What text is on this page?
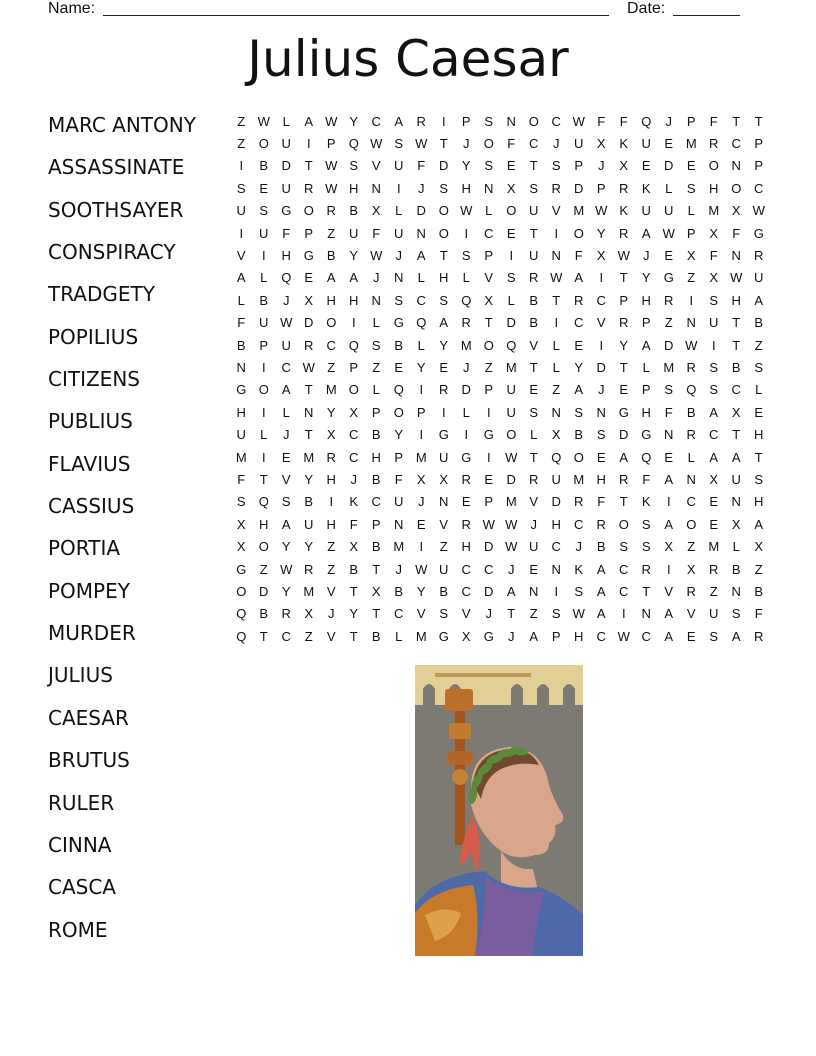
Name:	Date:
Julius Caesar
MARC ANTONY
ASSASSINATE
SOOTHSAYER
CONSPIRACY
TRADGETY
POPILIUS
CITIZENS
PUBLIUS
FLAVIUS
CASSIUS
PORTIA
POMPEY
MURDER
JULIUS
CAESAR
BRUTUS
RULER
CINNA
CASCA
ROME
Z W L	A W Y	C	A	R	I	P	S	N O C W F	F	Q	J	P	F	T	T
Z	O U	I	P	Q W S W T	J	O	F	C	J	U	X	K	U	E M R	C	P
I	B	D	T W S	V	U	F	D	Y	S	E	T	S	P	J	X	E	D	E	O N	P
S	E	U	R W H	N	I	J	S	H	N	X	S	R	D	P	R	K	L	S	H O C
U	S	G O R	B	X	L	D O W L	O U	V M W K	U	U	L	M X W
I	U	F	P	Z	U	F	U	N O	I	C	E	T	I	O	Y	R	A W P	X	F	G
V	I	H G	B	Y W	J	A	T	S	P	I	U	N	F	X W	J	E	X	F	N	R
A	L	Q	E	A	A	J	N	L	H	L	V	S	R W A	I	T	Y	G	Z	X W U
L	B	J	X	H	H	N	S	C	S	Q	X	L	B	T	R	C	P	H	R	I	S	H	A
F	U W D O	I	L	G Q	A	R	T	D	B	I	C	V	R	P	Z	N	U	T	B
B	P	U	R	C Q	S	B	L	Y M O Q	V	L	E	I	Y	A	D W	I	T	Z
N	I	C W Z	P	Z	E	Y	E	J	Z	M	T	L	Y	D	T	L	M R	S	B	S
G O	A	T	M O	L	Q	I	R	D	P	U	E	Z	A	J	E	P	S	Q	S	C	L
H	I	L	N	Y	X	P	O	P	I	L	I	U	S	N	S	N G H	F	B	A	X	E
U	L	J	T	X	C	B	Y	I	G	I	G O	L	X	B	S	D G N	R	C	T	H
M	I	E M R	C	H	P M U G	I	W T	Q O	E	A	Q	E	L	A	A	T
F	T	V	Y	H	J	B	F	X	X	R	E	D	R	U M H	R	F	A	N	X	U	S
S	Q	S	B	I	K	C	U	J	N	E	P M V	D	R	F	T	K	I	C	E	N	H
X	H	A	U	H	F	P	N	E	V	R W W	J	H	C	R O	S	A	O	E	X	A
X	O	Y	Y	Z	X	B M	I	Z	H	D W U	C	J	B	S	S	X	Z	M	L	X
G	Z W R	Z	B	T	J	W U	C	C	J	E	N	K	A	C	R	I	X	R	B	Z
O D	Y M V	T	X	B	Y	B	C	D	A	N	I	S	A	C	T	V	R	Z	N	B
Q	B	R	X	J	Y	T	C	V	S	V	J	T	Z	S W A	I	N	A	V	U	S	F
Q	T	C	Z	V	T	B	L	M G	X	G	J	A	P	H	C W C	A	E	S	A	R
